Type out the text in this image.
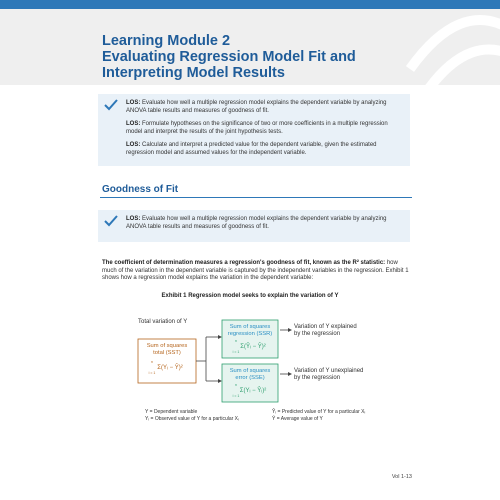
Learning Module 2
Evaluating Regression Model Fit and
Interpreting Model Results
LOS: Evaluate how well a multiple regression model explains the dependent variable by analyzing ANOVA table results and measures of goodness of fit.
LOS: Formulate hypotheses on the significance of two or more coefficients in a multiple regression model and interpret the results of the joint hypothesis tests.
LOS: Calculate and interpret a predicted value for the dependent variable, given the estimated regression model and assumed values for the independent variable.
Goodness of Fit
LOS: Evaluate how well a multiple regression model explains the dependent variable by analyzing ANOVA table results and measures of goodness of fit.
The coefficient of determination measures a regression's goodness of fit, known as the R² statistic: how much of the variation in the dependent variable is captured by the independent variables in the regression. Exhibit 1 shows how a regression model explains the variation in the dependent variable:
Exhibit 1 Regression model seeks to explain the variation of Y
Total variation of Y
Sum of squares
total (SST)
n
Σ(Yᵢ − Ȳ)²
i = 1
Sum of squares
regression (SSR)
n
Σ(Ŷᵢ − Ȳ)²
i = 1
Sum of squares
error (SSE)
n
Σ(Yᵢ − Ŷᵢ)²
i = 1
Variation of Y explained
by the regression
Variation of Y unexplained
by the regression
Y = Dependent variable
Yᵢ = Observed value of Y for a particular Xᵢ
Ŷᵢ = Predicted value of Y for a particular Xᵢ
Ȳ = Average value of Y
Vol 1-13
